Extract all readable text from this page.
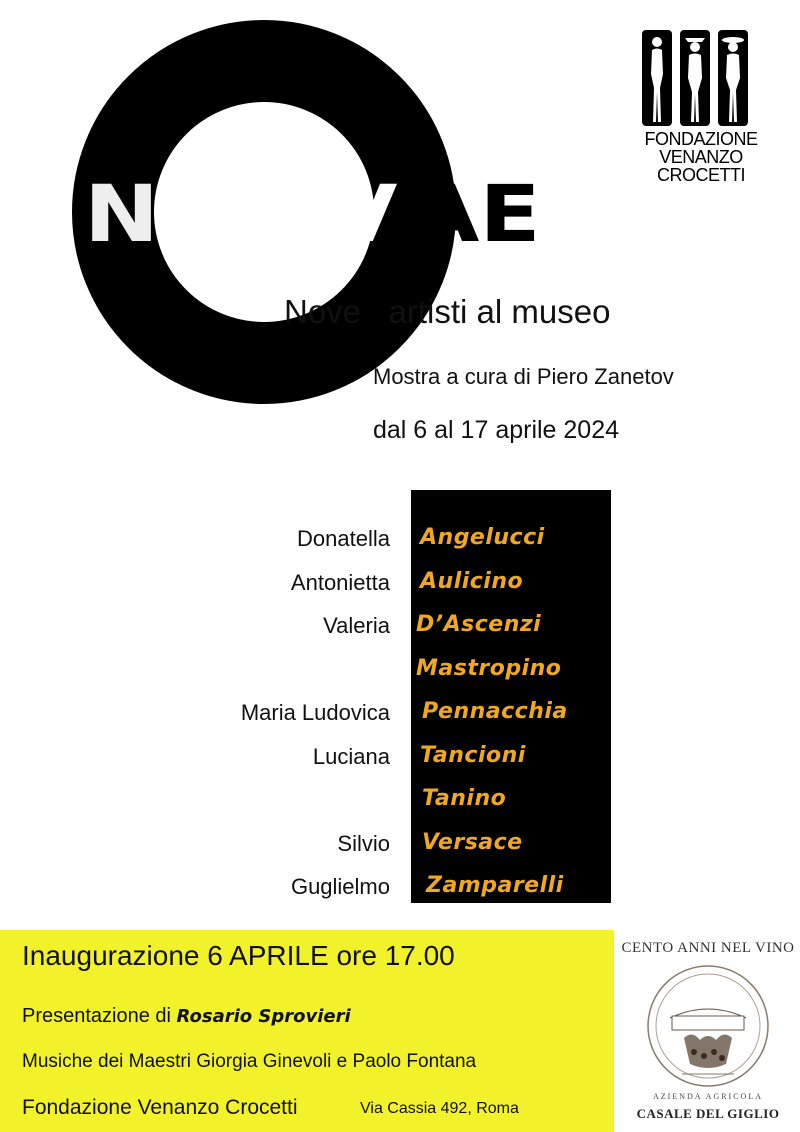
N V AE
Nove   artisti al museo
Mostra a cura di Piero Zanetov
dal 6 al 17 aprile 2024
FONDAZIONE
VENANZO
CROCETTI
Donatella Angelucci
Antonietta Aulicino
Valeria D’Ascenzi
Mastropino
Maria Ludovica Pennacchia
Luciana Tancioni
Tanino
Silvio Versace
Guglielmo Zamparelli
Inaugurazione 6 APRILE ore 17.00
Presentazione di Rosario Sprovieri
Musiche dei Maestri Giorgia Ginevoli e Paolo Fontana
Fondazione Venanzo Crocetti	Via Cassia 492, Roma
CENTO ANNI NEL VINO
AZIENDA AGRICOLA
CASALE DEL GIGLIO
